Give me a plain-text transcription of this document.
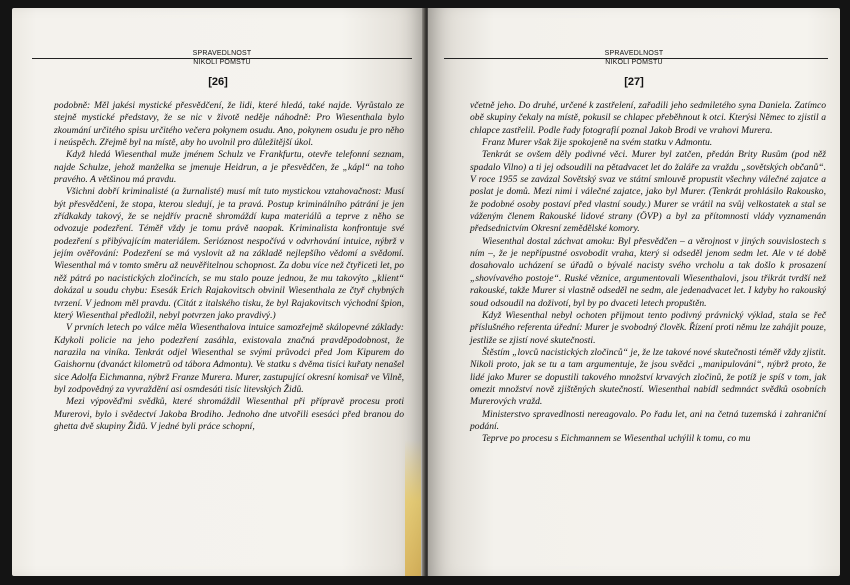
SPRAVEDLNOST
NIKOLI POMSTU
[26]

podobně: Měl jakési mystické přesvědčení, že lidi, které hledá, také najde. Vyrůstalo ze stejně mystické představy, že se nic v životě neděje náhodně: Pro Wiesenthala bylo zkoumání určitého spisu určitého večera pokynem osudu. Ano, pokynem osudu je pro něho i neúspěch. Zřejmě byl na místě, aby ho uvolnil pro důležitější úkol.

Když hledá Wiesenthal muže jménem Schulz ve Frankfurtu, otevře telefonní seznam, najde Schulze, jehož manželka se jmenuje Heidrun, a je přesvědčen, že „kápl“ na toho pravého. A většinou má pravdu.

Všichni dobří kriminalisté (a žurnalisté) musí mít tuto mystickou vztahovačnost: Musí být přesvědčeni, že stopa, kterou sledují, je ta pravá. Postup kriminálního pátrání je jen zřídkakdy takový, že se nejdřív pracně shromáždí kupa materiálů a teprve z něho se odvozuje podezření. Téměř vždy je tomu právě naopak. Kriminalista konfrontuje své podezření s přibývajícím materiálem. Serióznost nespočívá v odvrhování intuice, nýbrž v jejím ověřování: Podezření se má vyslovit až na základě nejlepšího vědomí a svědomí. Wiesenthal má v tomto směru až neuvěřitelnou schopnost. Za dobu více než čtyřiceti let, po něž pátrá po nacistických zločincích, se mu stalo pouze jednou, že mu takovýto „klient“ dokázal u soudu chybu: Esesák Erich Rajakovitsch obvinil Wiesenthala ze čtyř chybných tvrzení. V jednom měl pravdu. (Citát z italského tisku, že byl Rajakovitsch východní špion, který Wiesenthal předložil, nebyl potvrzen jako pravdivý.)

V prvních letech po válce měla Wiesenthalova intuice samozřejmě skálopevné základy: Kdykoli policie na jeho podezření zasáhla, existovala značná pravděpodobnost, že narazila na viníka. Tenkrát odjel Wiesenthal se svými průvodci před Jom Kipurem do Gaishornu (dvanáct kilometrů od tábora Admontu). Ve statku s dvěma tisíci kuřaty nenašel sice Adolfa Eichmanna, nýbrž Franze Murera. Murer, zastupující okresní komisař ve Vilně, byl zodpovědný za vyvraždění asi osmdesáti tisíc litevských Židů.

Mezi výpověďmi svědků, které shromáždil Wiesenthal při přípravě procesu proti Murerovi, bylo i svědectví Jakoba Brodiho. Jednoho dne utvořili esesáci před branou do ghetta dvě skupiny Židů. V jedné byli práce schopní,

SPRAVEDLNOST
NIKOLI POMSTU
[27]

včetně jeho. Do druhé, určené k zastřelení, zařadili jeho sedmiletého syna Daniela. Zatímco obě skupiny čekaly na místě, pokusil se chlapec přeběhnout k otci. Kterýsi Němec to zjistil a chlapce zastřelil. Podle řady fotografií poznal Jakob Brodi ve vrahovi Murera.

Franz Murer však žije spokojeně na svém statku v Admontu.

Tenkrát se ovšem děly podivné věci. Murer byl zatčen, předán Brity Rusům (pod něž spadalo Vilno) a ti jej odsoudili na pětadvacet let do žaláře za vraždu „sovětských občanů“. V roce 1955 se zavázal Sovětský svaz ve státní smlouvě propustit všechny válečné zajatce a poslat je domů. Mezi nimi i válečné zajatce, jako byl Murer. (Tenkrát prohlásilo Rakousko, že podobné osoby postaví před vlastní soudy.) Murer se vrátil na svůj velkostatek a stal se váženým členem Rakouské lidové strany (ÖVP) a byl za přítomnosti vlády vyznamenán předsednictvím Okresní zemědělské komory.

Wiesenthal dostal záchvat amoku: Byl přesvědčen – a věrojnost v jiných souvislostech s ním –, že je nepřípustné osvobodit vraha, který si odseděl jenom sedm let. Ale v té době dosahovalo ucházení se úřadů o bývalé nacisty svého vrcholu a tak došlo k prosazení „shovívavého postoje“. Ruské věznice, argumentovali Wiesenthalovi, jsou třikrát tvrdší než rakouské, takže Murer si vlastně odseděl ne sedm, ale jedenadvacet let. I kdyby ho rakouský soud odsoudil na doživotí, byl by po dvaceti letech propuštěn.

Když Wiesenthal nebyl ochoten přijmout tento podivný právnický výklad, stala se řeč příslušného referenta úřední: Murer je svobodný člověk. Řízení proti němu lze zahájit pouze, jestliže se zjistí nové skutečnosti.

Štěstím „lovců nacistických zločinců“ je, že lze takové nové skutečnosti téměř vždy zjistit. Nikoli proto, jak se tu a tam argumentuje, že jsou svědci „manipulováni“, nýbrž proto, že lidé jako Murer se dopustili takového množství krvavých zločinů, že potíž je spíš v tom, jak omezit množství nově zjištěných skutečností. Wiesenthal nabídl sedmnáct svědků osobních Murerových vražd.

Ministerstvo spravedlnosti nereagovalo. Po řadu let, ani na četná tuzemská i zahraniční podání.

Teprve po procesu s Eichmannem se Wiesenthal uchýlil k tomu, co mu
